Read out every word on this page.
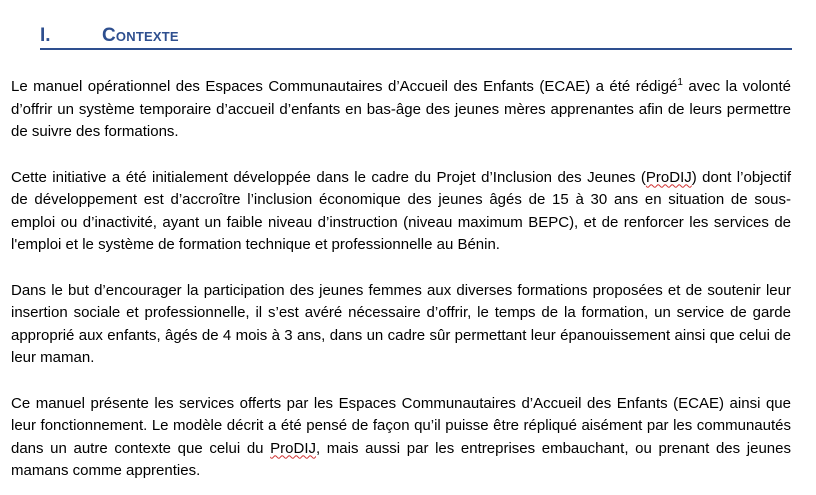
I.	Contexte

Le manuel opérationnel des Espaces Communautaires d’Accueil des Enfants (ECAE) a été rédigé$^1$ avec la volonté d’offrir un système temporaire d’accueil d’enfants en bas-âge des jeunes mères apprenantes afin de leurs permettre de suivre des formations.

Cette initiative a été initialement développée dans le cadre du Projet d’Inclusion des Jeunes (ProDIJ) dont l’objectif de développement est d’accroître l’inclusion économique des jeunes âgés de 15 à 30 ans en situation de sous-emploi ou d’inactivité, ayant un faible niveau d’instruction (niveau maximum BEPC), et de renforcer les services de l'emploi et le système de formation technique et professionnelle au Bénin.

Dans le but d’encourager la participation des jeunes femmes aux diverses formations proposées et de soutenir leur insertion sociale et professionnelle, il s’est avéré nécessaire d’offrir, le temps de la formation, un service de garde approprié aux enfants, âgés de 4 mois à 3 ans, dans un cadre sûr permettant leur épanouissement ainsi que celui de leur maman.

Ce manuel présente les services offerts par les Espaces Communautaires d’Accueil des Enfants (ECAE) ainsi que leur fonctionnement. Le modèle décrit a été pensé de façon qu’il puisse être répliqué aisément par les communautés dans un autre contexte que celui du ProDIJ, mais aussi par les entreprises embauchant, ou prenant des jeunes mamans comme apprenties.
